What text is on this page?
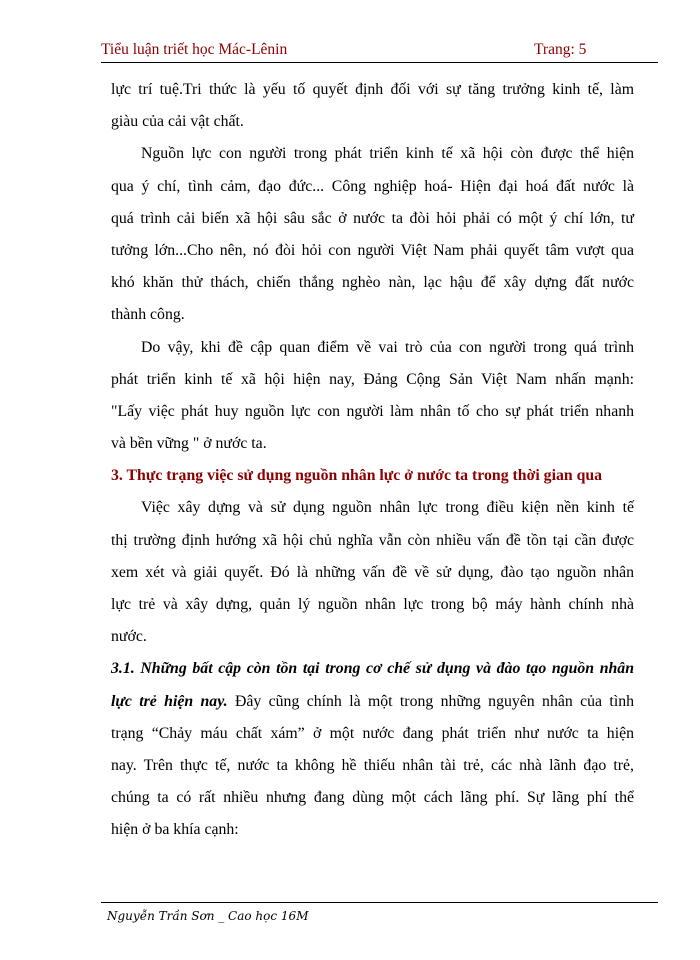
Tiểu luận triết học Mác-Lênin	Trang: 5
lực trí tuệ.Tri thức là yếu tố quyết định đối với sự tăng trưởng kinh tế, làm
giàu của cải vật chất.
Nguồn lực con người trong phát triển kinh tế xã hội còn được thể hiện
qua ý chí, tình cảm, đạo đức... Công nghiệp hoá- Hiện đại hoá đất nước là
quá trình cải biến xã hội sâu sắc ở nước ta đòi hỏi phải có một ý chí lớn, tư
tưởng lớn...Cho nên, nó đòi hỏi con người Việt Nam phải quyết tâm vượt qua
khó khăn thử thách, chiến thắng nghèo nàn, lạc hậu để xây dựng đất nước
thành công.
Do vậy, khi đề cập quan điểm về vai trò của con người trong quá trình
phát triển kinh tế xã hội hiện nay, Đảng Cộng Sản Việt Nam nhấn mạnh:
"Lấy việc phát huy nguồn lực con người làm nhân tố cho sự phát triển nhanh
và bền vững " ở nước ta.
3. Thực trạng việc sử dụng nguồn nhân lực ở nước ta trong thời gian qua
Việc xây dựng và sử dụng nguồn nhân lực trong điều kiện nền kinh tế
thị trường định hướng xã hội chủ nghĩa vẫn còn nhiều vấn đề tồn tại cần được
xem xét và giải quyết. Đó là những vấn đề về sử dụng, đào tạo nguồn nhân
lực trẻ và xây dựng, quản lý nguồn nhân lực trong bộ máy hành chính nhà
nước.
3.1. Những bất cập còn tồn tại trong cơ chế sử dụng và đào tạo nguồn nhân
lực trẻ hiện nay. Đây cũng chính là một trong những nguyên nhân của tình
trạng “Chảy máu chất xám” ở một nước đang phát triển như nước ta hiện
nay. Trên thực tế, nước ta không hề thiếu nhân tài trẻ, các nhà lãnh đạo trẻ,
chúng ta có rất nhiều nhưng đang dùng một cách lãng phí. Sự lãng phí thể
hiện ở ba khía cạnh:
Nguyễn Trần Sơn _ Cao học 16M
